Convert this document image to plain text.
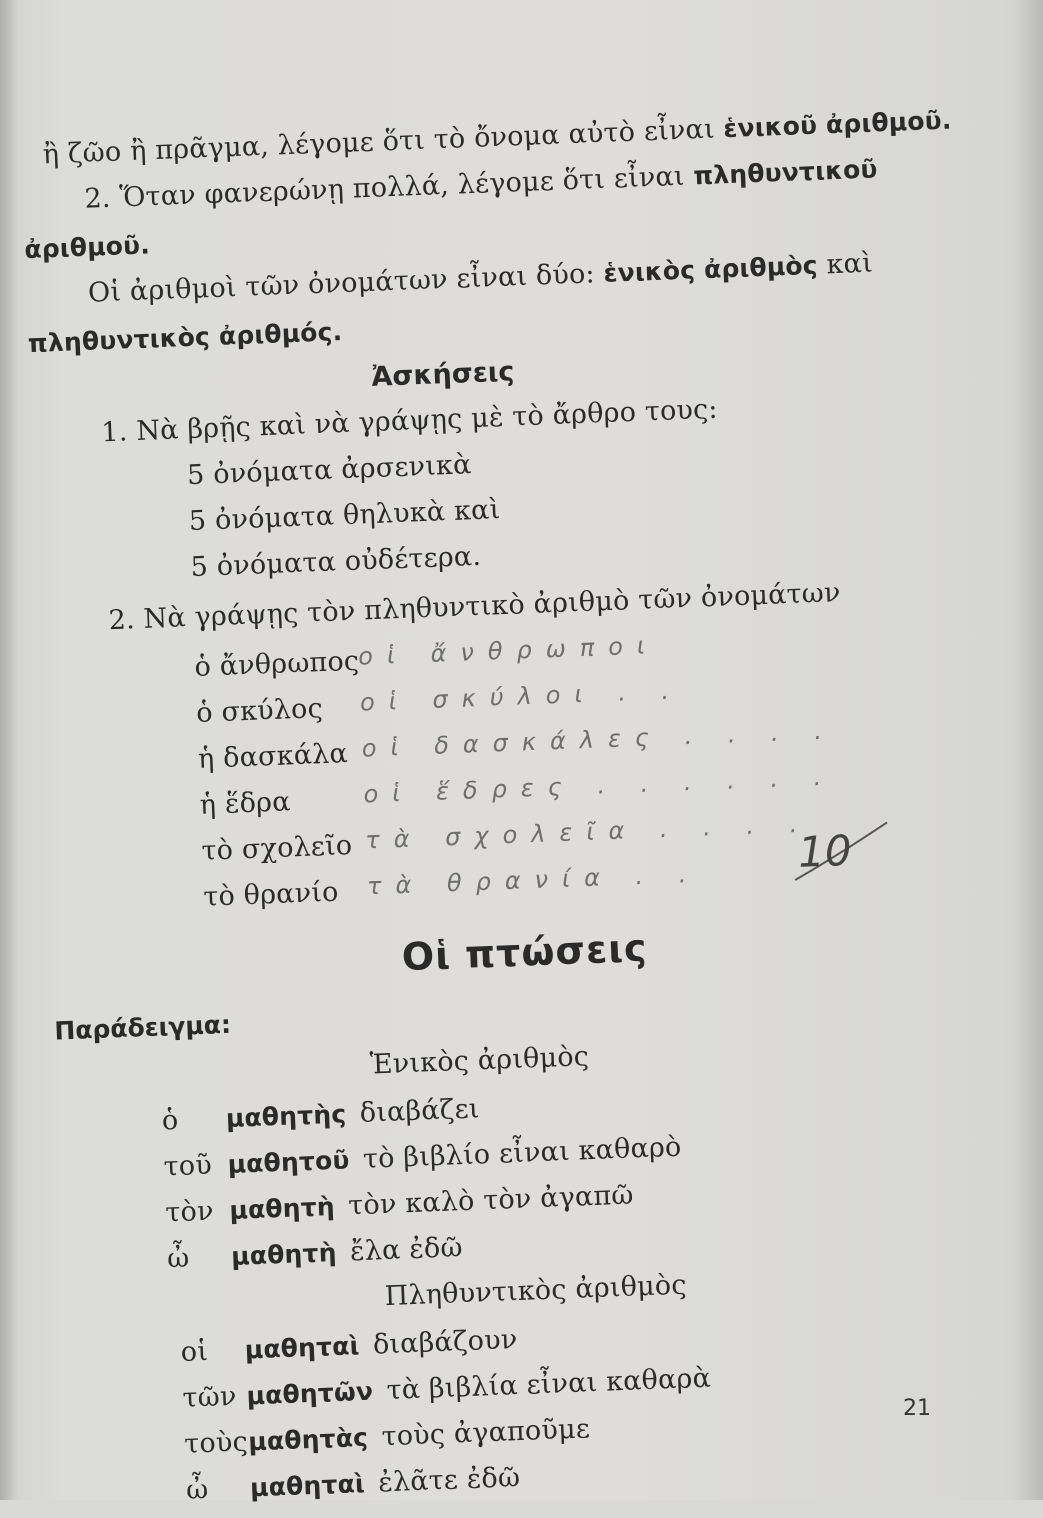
ἢ ζῶο ἢ πρᾶγμα, λέγομε ὅτι τὸ ὄνομα αὐτὸ εἶναι ἑνικοῦ ἀριθμοῦ.
2. Ὅταν φανερώνῃ πολλά, λέγομε ὅτι εἶναι πληθυντικοῦ
ἀριθμοῦ.
Οἱ ἀριθμοὶ τῶν ὀνομάτων εἶναι δύο: ἑνικὸς ἀριθμὸς καὶ
πληθυντικὸς ἀριθμός.
Ἀσκήσεις
1. Νὰ βρῇς καὶ νὰ γράψῃς μὲ τὸ ἄρθρο τους:
5 ὀνόματα ἀρσενικὰ
5 ὀνόματα θηλυκὰ καὶ
5 ὀνόματα οὐδέτερα.
2. Νὰ γράψῃς τὸν πληθυντικὸ ἀριθμὸ τῶν ὀνομάτων
ὁ ἄνθρωπος
οἱ ἄνθρωποι
ὁ σκύλος οἱ σκύλοι . .
ἡ δασκάλα οἱ δασκάλες . . . .
ἡ ἕδρα	οἱ ἕδρες . . . . . .
τὸ σχολεῖο τὰ σχολεῖα . . . .
τὸ θρανίο τὰ θρανία . .
10
Οἱ πτώσεις
Παράδειγμα:
Ἑνικὸς ἀριθμὸς
ὁ μαθητὴς διαβάζει
τοῦ μαθητοῦ τὸ βιβλίο εἶναι καθαρὸ
τὸν μαθητὴ τὸν καλὸ τὸν ἀγαπῶ
ὦ μαθητὴ ἔλα ἐδῶ
Πληθυντικὸς ἀριθμὸς
οἱ μαθηταὶ διαβάζουν
τῶν μαθητῶν τὰ βιβλία εἶναι καθαρὰ
τοὺςμαθητὰς τοὺς ἀγαποῦμε
ὦ μαθηταὶ ἐλᾶτε ἐδῶ
21
